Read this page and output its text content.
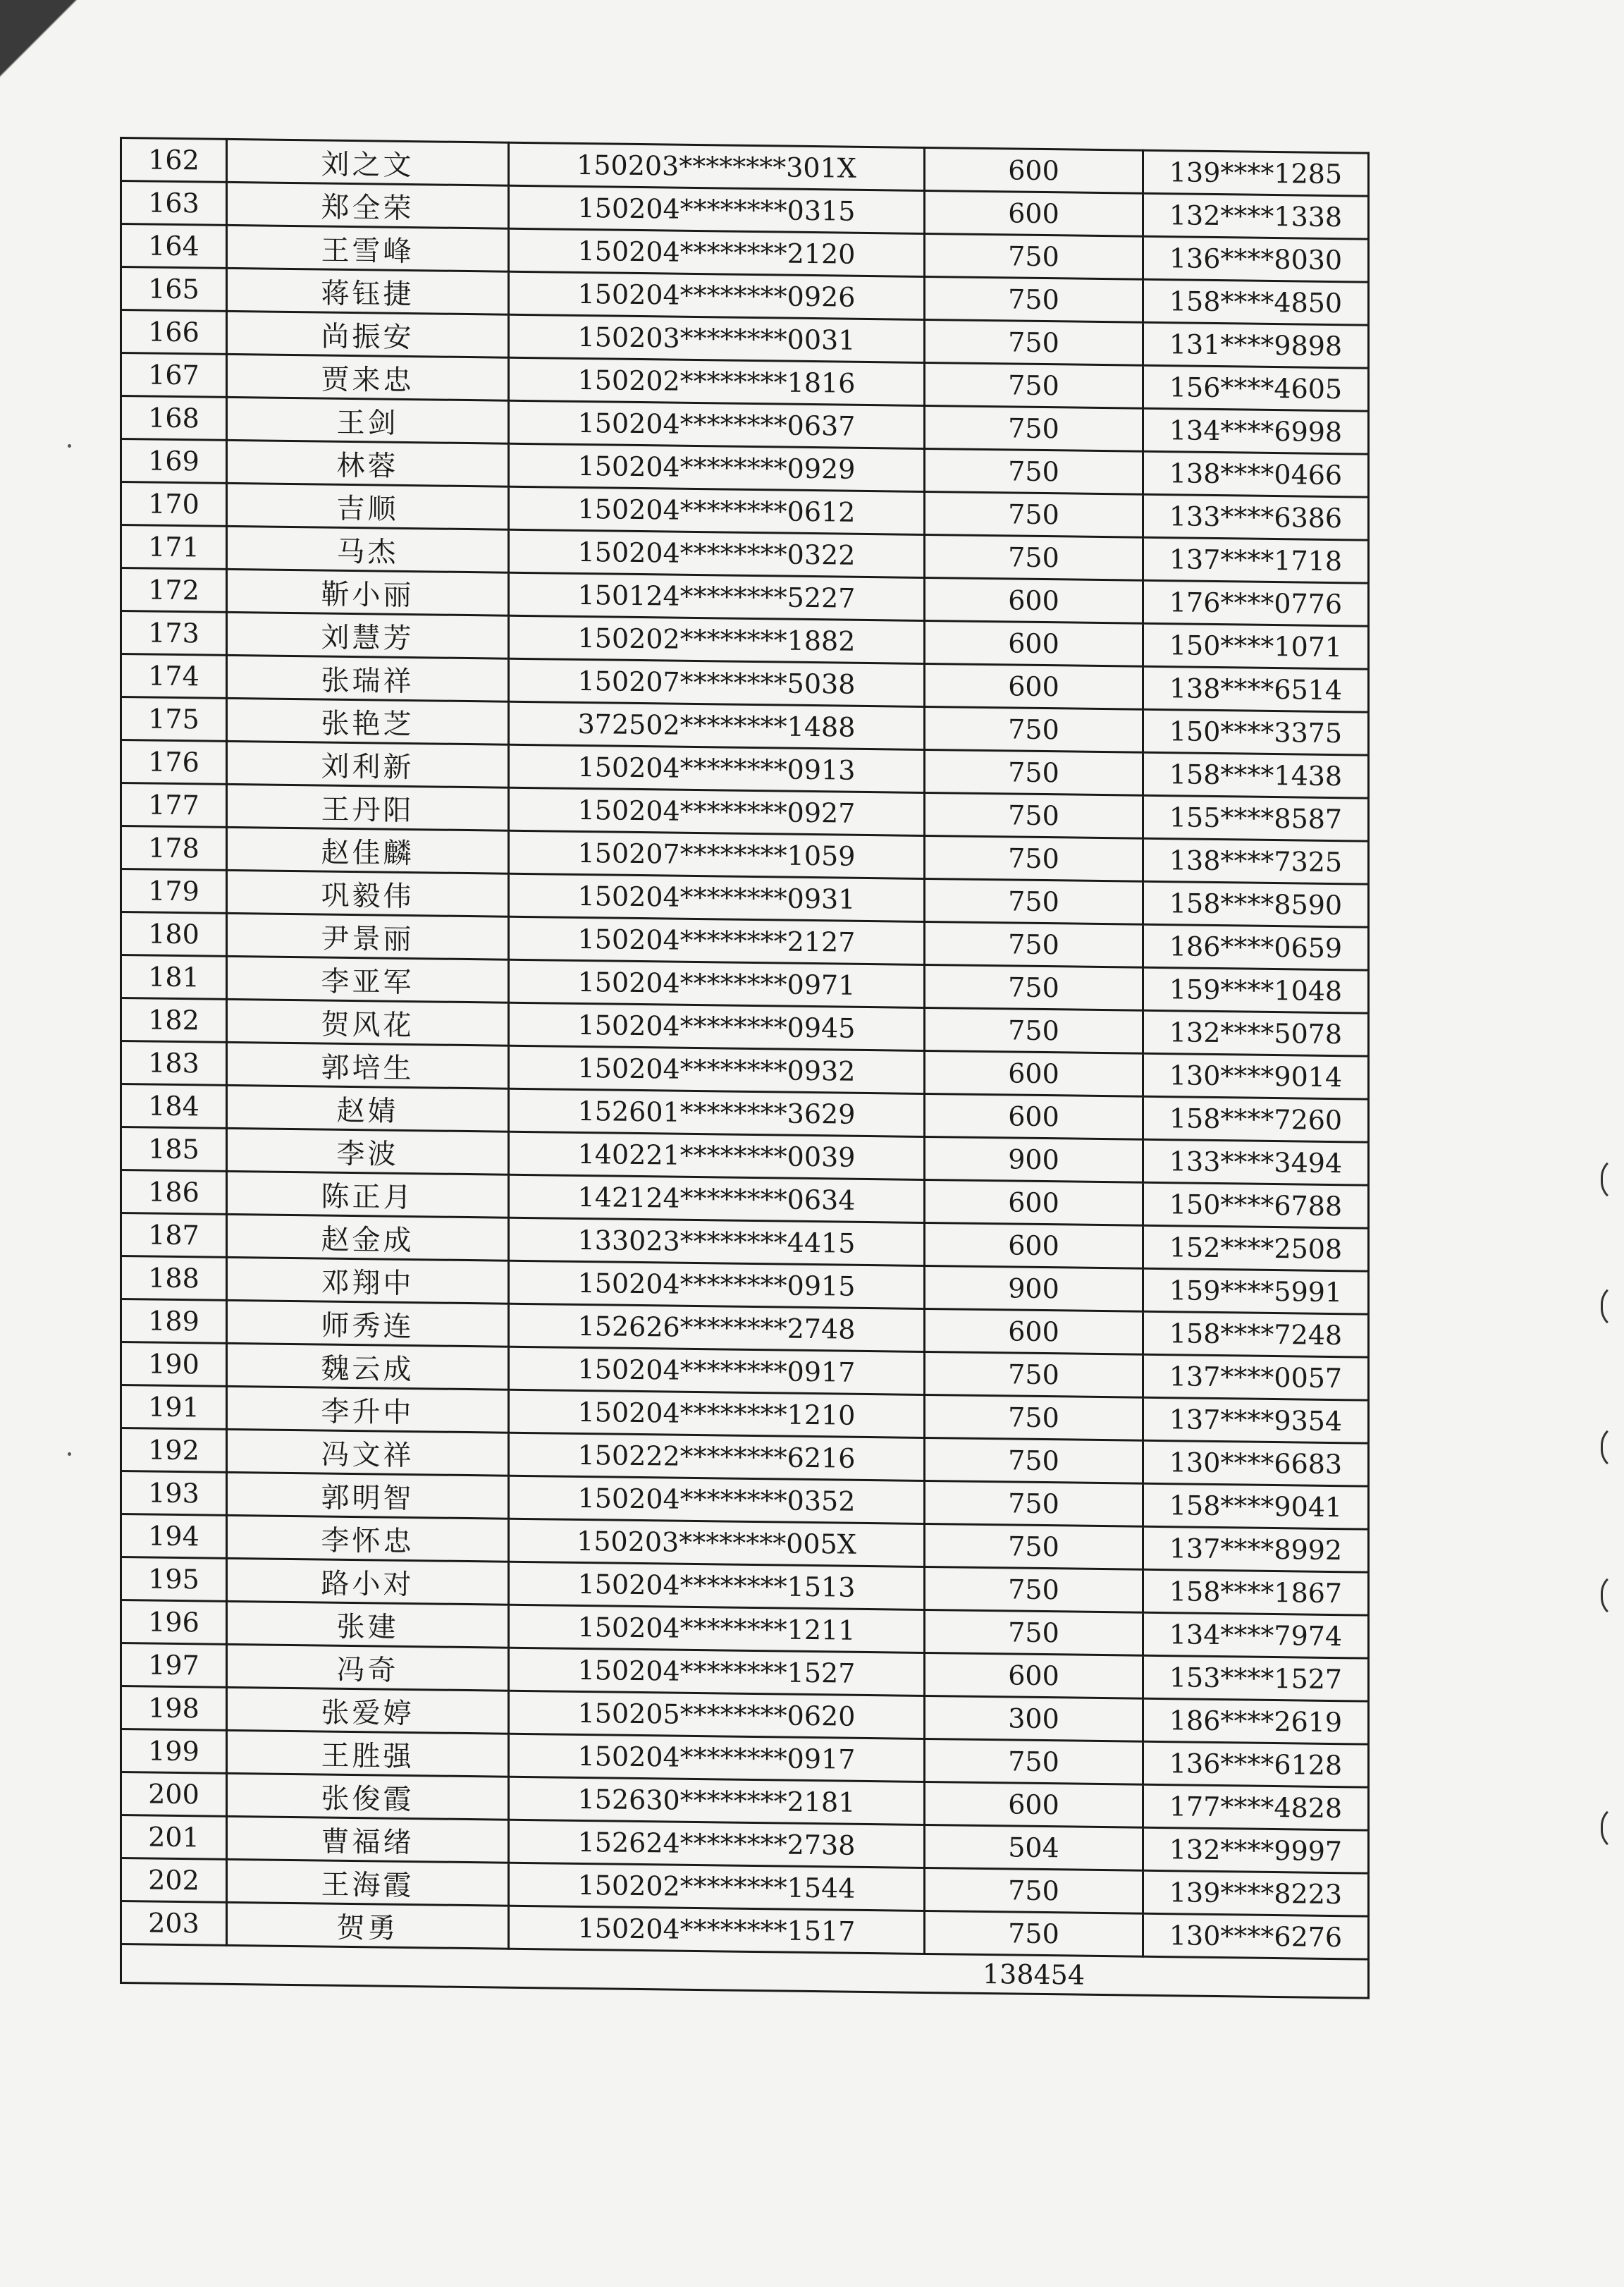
162	刘之文	150203********301X	600	139****1285
163	郑全荣	150204********0315	600	132****1338
164	王雪峰	150204********2120	750	136****8030
165	蒋钰捷	150204********0926	750	158****4850
166	尚振安	150203********0031	750	131****9898
167	贾来忠	150202********1816	750	156****4605
168	王剑	150204********0637	750	134****6998
169	林蓉	150204********0929	750	138****0466
170	吉顺	150204********0612	750	133****6386
171	马杰	150204********0322	750	137****1718
172	靳小丽	150124********5227	600	176****0776
173	刘慧芳	150202********1882	600	150****1071
174	张瑞祥	150207********5038	600	138****6514
175	张艳芝	372502********1488	750	150****3375
176	刘利新	150204********0913	750	158****1438
177	王丹阳	150204********0927	750	155****8587
178	赵佳麟	150207********1059	750	138****7325
179	巩毅伟	150204********0931	750	158****8590
180	尹景丽	150204********2127	750	186****0659
181	李亚军	150204********0971	750	159****1048
182	贺风花	150204********0945	750	132****5078
183	郭培生	150204********0932	600	130****9014
184	赵婧	152601********3629	600	158****7260
185	李波	140221********0039	900	133****3494
186	陈正月	142124********0634	600	150****6788
187	赵金成	133023********4415	600	152****2508
188	邓翔中	150204********0915	900	159****5991
189	师秀连	152626********2748	600	158****7248
190	魏云成	150204********0917	750	137****0057
191	李升中	150204********1210	750	137****9354
192	冯文祥	150222********6216	750	130****6683
193	郭明智	150204********0352	750	158****9041
194	李怀忠	150203********005X	750	137****8992
195	路小对	150204********1513	750	158****1867
196	张建	150204********1211	750	134****7974
197	冯奇	150204********1527	600	153****1527
198	张爱婷	150205********0620	300	186****2619
199	王胜强	150204********0917	750	136****6128
200	张俊霞	152630********2181	600	177****4828
201	曹福绪	152624********2738	504	132****9997
202	王海霞	150202********1544	750	139****8223
203	贺勇	150204********1517	750	130****6276
			138454	
